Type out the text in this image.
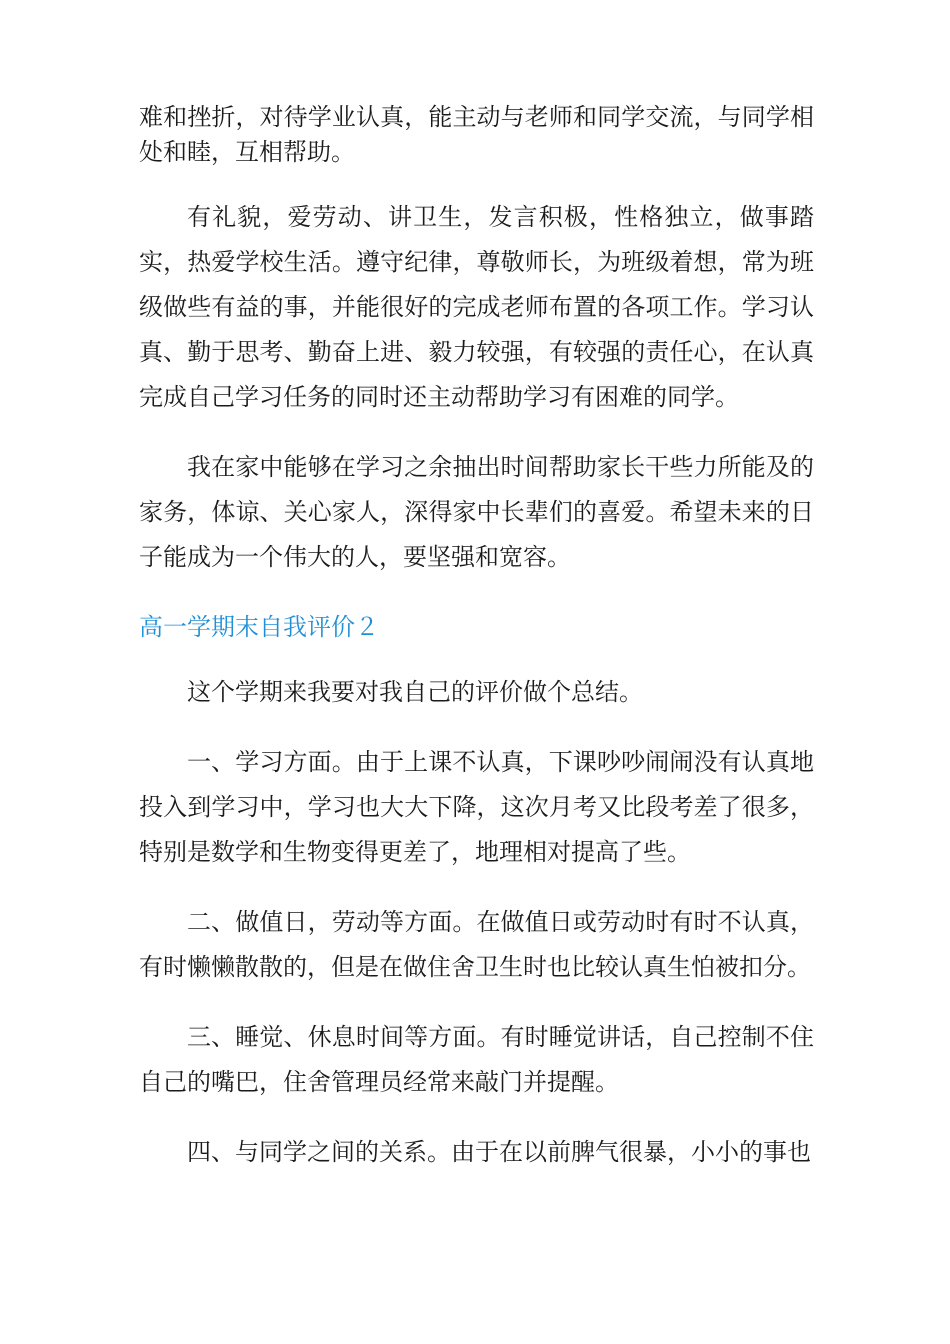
难和挫折，对待学业认真，能主动与老师和同学交流，与同学相处和睦，互相帮助。

有礼貌，爱劳动、讲卫生，发言积极，性格独立，做事踏实，热爱学校生活。遵守纪律，尊敬师长，为班级着想，常为班级做些有益的事，并能很好的完成老师布置的各项工作。学习认真、勤于思考、勤奋上进、毅力较强，有较强的责任心，在认真完成自己学习任务的同时还主动帮助学习有困难的同学。

我在家中能够在学习之余抽出时间帮助家长干些力所能及的家务，体谅、关心家人，深得家中长辈们的喜爱。希望未来的日子能成为一个伟大的人，要坚强和宽容。

高一学期末自我评价２

这个学期来我要对我自己的评价做个总结。

一、学习方面。由于上课不认真，下课吵吵闹闹没有认真地投入到学习中，学习也大大下降，这次月考又比段考差了很多，特别是数学和生物变得更差了，地理相对提高了些。

二、做值日，劳动等方面。在做值日或劳动时有时不认真，有时懒懒散散的，但是在做住舍卫生时也比较认真生怕被扣分。

三、睡觉、休息时间等方面。有时睡觉讲话，自己控制不住自己的嘴巴，住舍管理员经常来敲门并提醒。

四、与同学之间的关系。由于在以前脾气很暴，小小的事也
